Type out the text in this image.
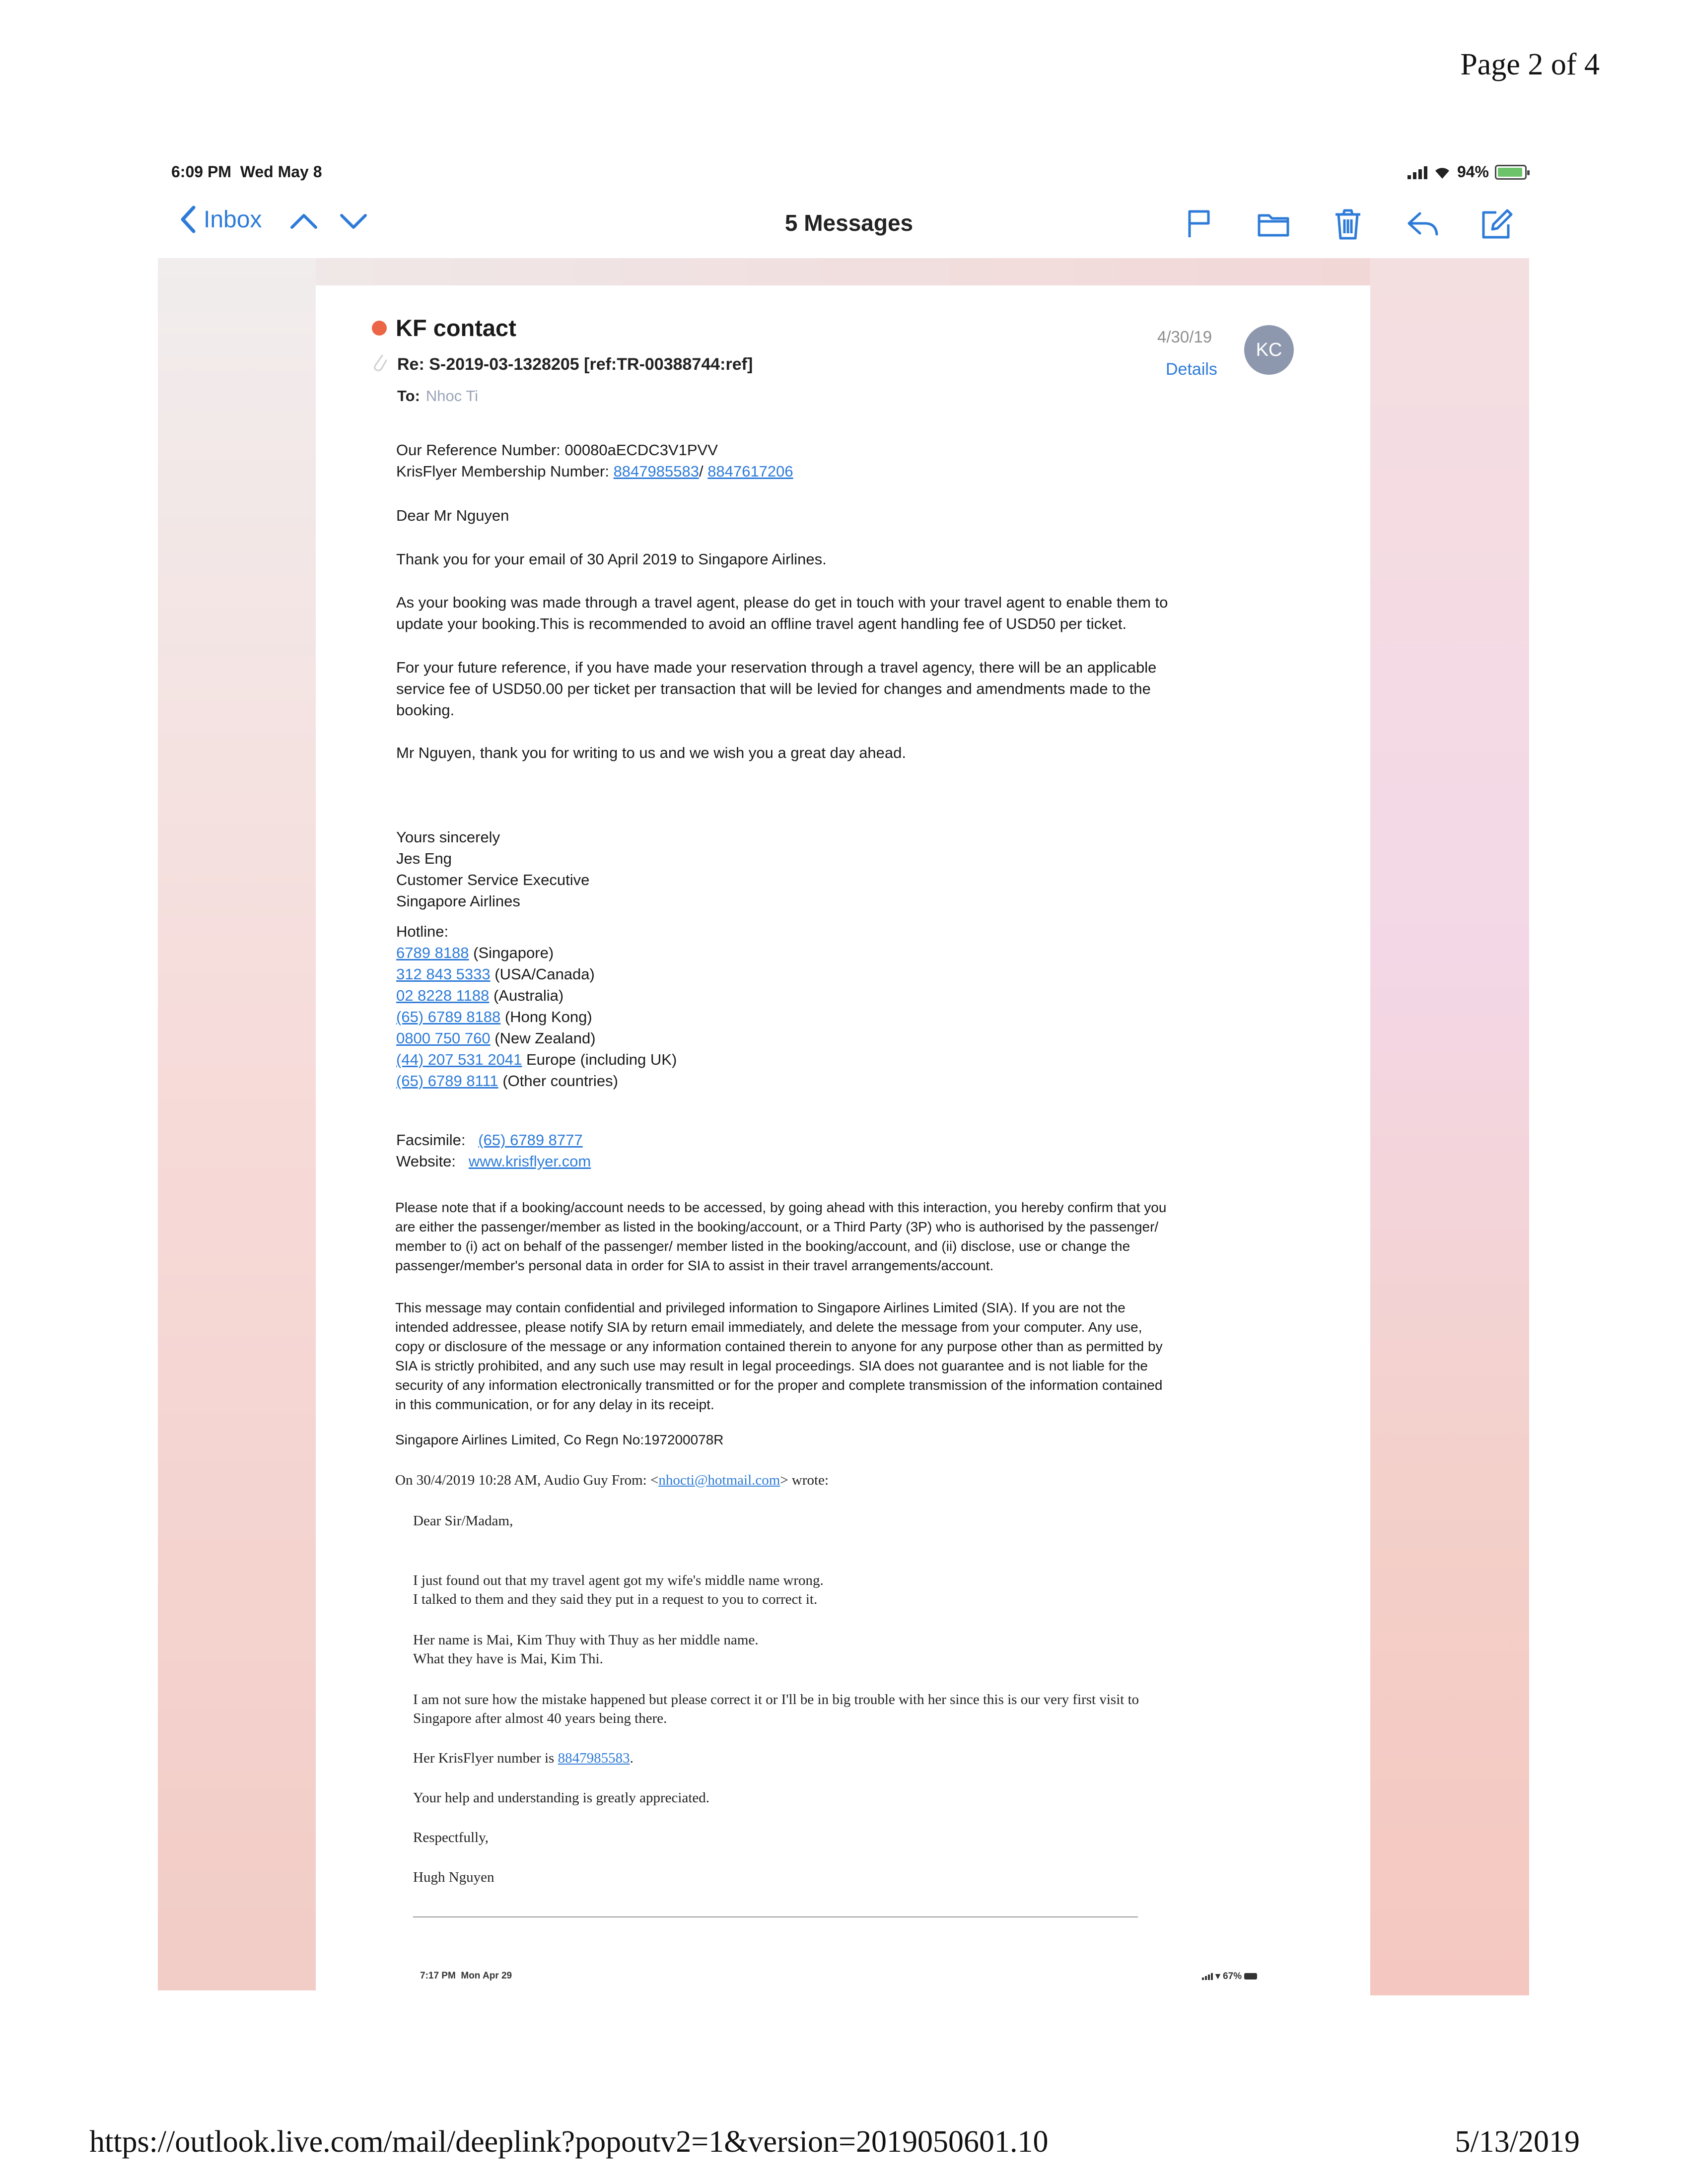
Page 2 of 4
6:09 PM Wed May 8	94%
Inbox	5 Messages
KF contact
Re: S-2019-03-1328205 [ref:TR-00388744:ref]
To: Nhoc Ti
4/30/19
Details
KC
Our Reference Number: 00080aECDC3V1PVV
KrisFlyer Membership Number: 8847985583/ 8847617206
Dear Mr Nguyen
Thank you for your email of 30 April 2019 to Singapore Airlines.
As your booking was made through a travel agent, please do get in touch with your travel agent to enable them to
update your booking.This is recommended to avoid an offline travel agent handling fee of USD50 per ticket.
For your future reference, if you have made your reservation through a travel agency, there will be an applicable
service fee of USD50.00 per ticket per transaction that will be levied for changes and amendments made to the
booking.
Mr Nguyen, thank you for writing to us and we wish you a great day ahead.
Yours sincerely
Jes Eng
Customer Service Executive
Singapore Airlines
Hotline:
6789 8188 (Singapore)
312 843 5333 (USA/Canada)
02 8228 1188 (Australia)
(65) 6789 8188 (Hong Kong)
0800 750 760 (New Zealand)
(44) 207 531 2041 Europe (including UK)
(65) 6789 8111 (Other countries)
Facsimile: (65) 6789 8777
Website: www.krisflyer.com
Please note that if a booking/account needs to be accessed, by going ahead with this interaction, you hereby confirm that you
are either the passenger/member as listed in the booking/account, or a Third Party (3P) who is authorised by the passenger/
member to (i) act on behalf of the passenger/ member listed in the booking/account, and (ii) disclose, use or change the
passenger/member's personal data in order for SIA to assist in their travel arrangements/account.
This message may contain confidential and privileged information to Singapore Airlines Limited (SIA). If you are not the
intended addressee, please notify SIA by return email immediately, and delete the message from your computer. Any use,
copy or disclosure of the message or any information contained therein to anyone for any purpose other than as permitted by
SIA is strictly prohibited, and any such use may result in legal proceedings. SIA does not guarantee and is not liable for the
security of any information electronically transmitted or for the proper and complete transmission of the information contained
in this communication, or for any delay in its receipt.
Singapore Airlines Limited, Co Regn No:197200078R
On 30/4/2019 10:28 AM, Audio Guy From: <nhocti@hotmail.com> wrote:
Dear Sir/Madam,
I just found out that my travel agent got my wife's middle name wrong.
I talked to them and they said they put in a request to you to correct it.
Her name is Mai, Kim Thuy with Thuy as her middle name.
What they have is Mai, Kim Thi.
I am not sure how the mistake happened but please correct it or I'll be in big trouble with her since this is our very first visit to
Singapore after almost 40 years being there.
Her KrisFlyer number is 8847985583.
Your help and understanding is greatly appreciated.
Respectfully,
Hugh Nguyen
7:17 PM Mon Apr 29	▾ 67%
https://outlook.live.com/mail/deeplink?popoutv2=1&version=2019050601.10	5/13/2019
